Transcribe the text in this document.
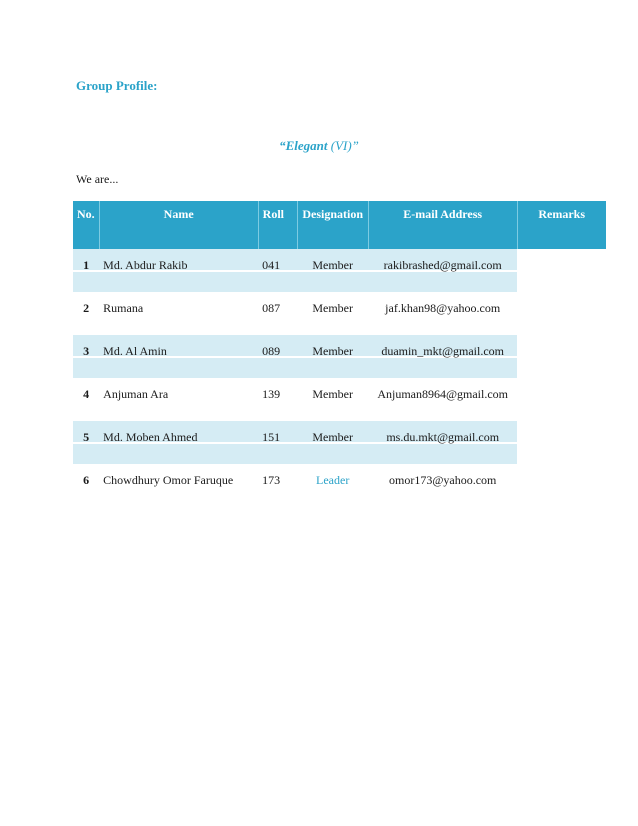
Group Profile:
“Elegant (VI)”
We are...
No.	Name	Roll	Designation	E-mail Address	Remarks
1	Md. Abdur Rakib	041	Member	rakibrashed@gmail.com	
2	Rumana	087	Member	jaf.khan98@yahoo.com	
3	Md. Al Amin	089	Member	duamin_mkt@gmail.com	
4	Anjuman Ara	139	Member	Anjuman8964@gmail.com	
5	Md. Moben Ahmed	151	Member	ms.du.mkt@gmail.com	
6	Chowdhury Omor Faruque	173	Leader	omor173@yahoo.com	
